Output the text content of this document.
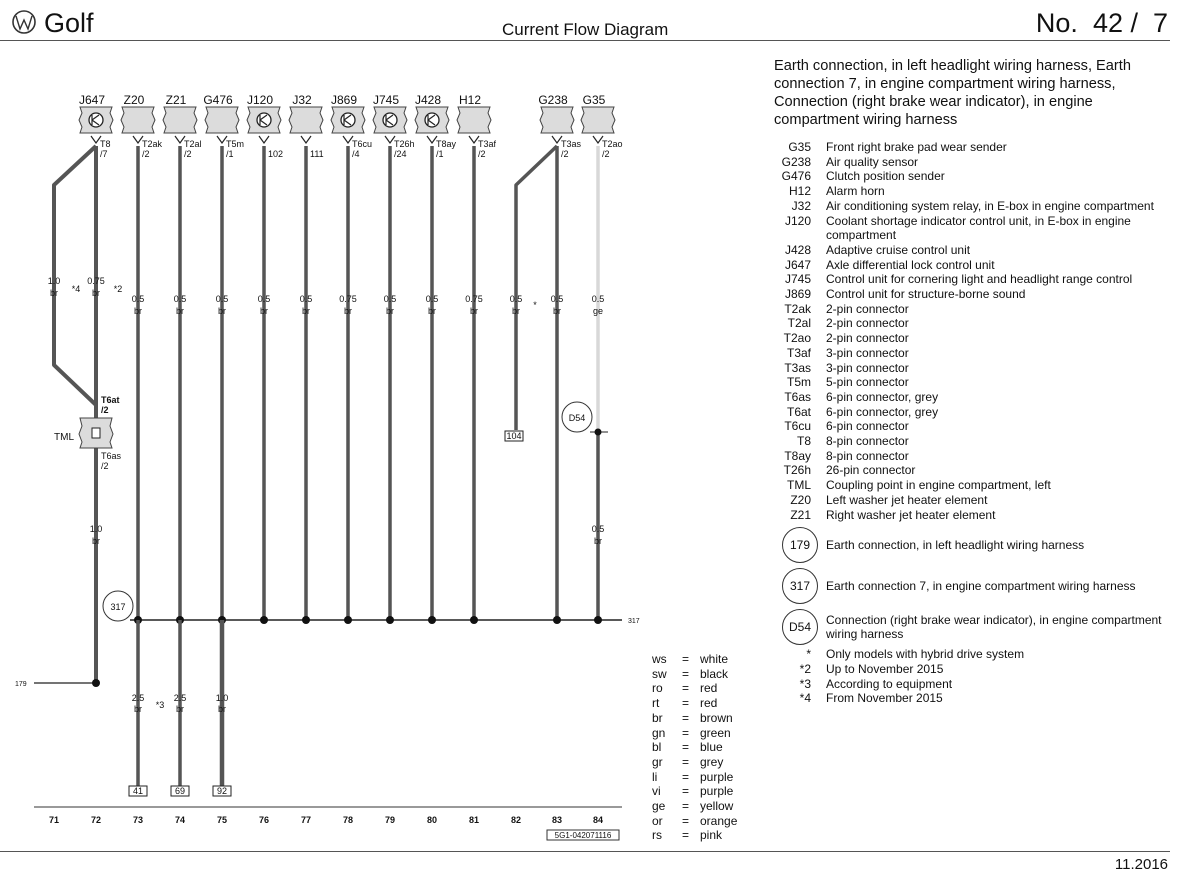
J647
T8
/7
Z20
T2ak
/2
Z21
T2al
/2
G476
T5m
/1
J120
102
J32
111
J869
T6cu
/4
J745
T26h
/24
J428
T8ay
/1
H12
T3af
/2
G238
T3as
/2
G35
T2ao
/2
1.0
br
0.75
br
0.5
br
0.5
br
0.5
br
0.5
br
0.5
br
0.75
br
0.5
br
0.5
br
0.75
br
0.5
br
0.5
br
0.5
ge
*4	*2
*
TML
T6at
/2
T6as
/2
D54
104
1.0
br
0.5
br
317
317
179
2.5
br
41
2.5
br
69
1.0
br
92
*3
71	72	73	74	75	76	77	78	79	80	81	82	83	84
5G1-042071116
Golf	Current Flow Diagram	No.  42 /  7
Earth connection, in left headlight wiring harness, Earth connection 7, in engine compartment wiring harness, Connection (right brake wear indicator), in engine compartment wiring harness
G35	Front right brake pad wear sender
G238	Air quality sensor
G476	Clutch position sender
H12	Alarm horn
J32	Air conditioning system relay, in E-box in engine compartment
J120	Coolant shortage indicator control unit, in E-box in engine compartment
J428	Adaptive cruise control unit
J647	Axle differential lock control unit
J745	Control unit for cornering light and headlight range control
J869	Control unit for structure-borne sound
T2ak	2-pin connector
T2al	2-pin connector
T2ao	2-pin connector
T3af	3-pin connector
T3as	3-pin connector
T5m	5-pin connector
T6as	6-pin connector, grey
T6at	6-pin connector, grey
T6cu	6-pin connector
T8	8-pin connector
T8ay	8-pin connector
T26h	26-pin connector
TML	Coupling point in engine compartment, left
Z20	Left washer jet heater element
Z21	Right washer jet heater element
179	Earth connection, in left headlight wiring harness
317	Earth connection 7, in engine compartment wiring harness
D54	Connection (right brake wear indicator), in engine compartment wiring harness
*	Only models with hybrid drive system
*2	Up to November 2015
*3	According to equipment
*4	From November 2015
ws	= white
sw	= black
ro	= red
rt	= red
br	= brown
gn	= green
bl	= blue
gr	= grey
li	= purple
vi	= purple
ge	= yellow
or	= orange
rs	= pink
11.2016
